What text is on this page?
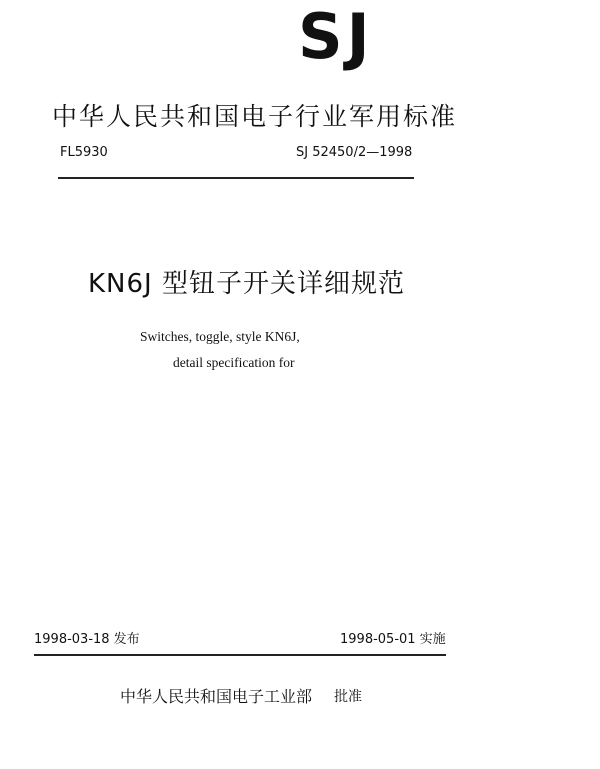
SJ
中华人民共和国电子行业军用标准
FL5930	SJ 52450/2—1998
KN6J 型钮子开关详细规范
Switches, toggle, style KN6J,
detail specification for
1998-03-18 发布	1998-05-01 实施
中华人民共和国电子工业部 批准
